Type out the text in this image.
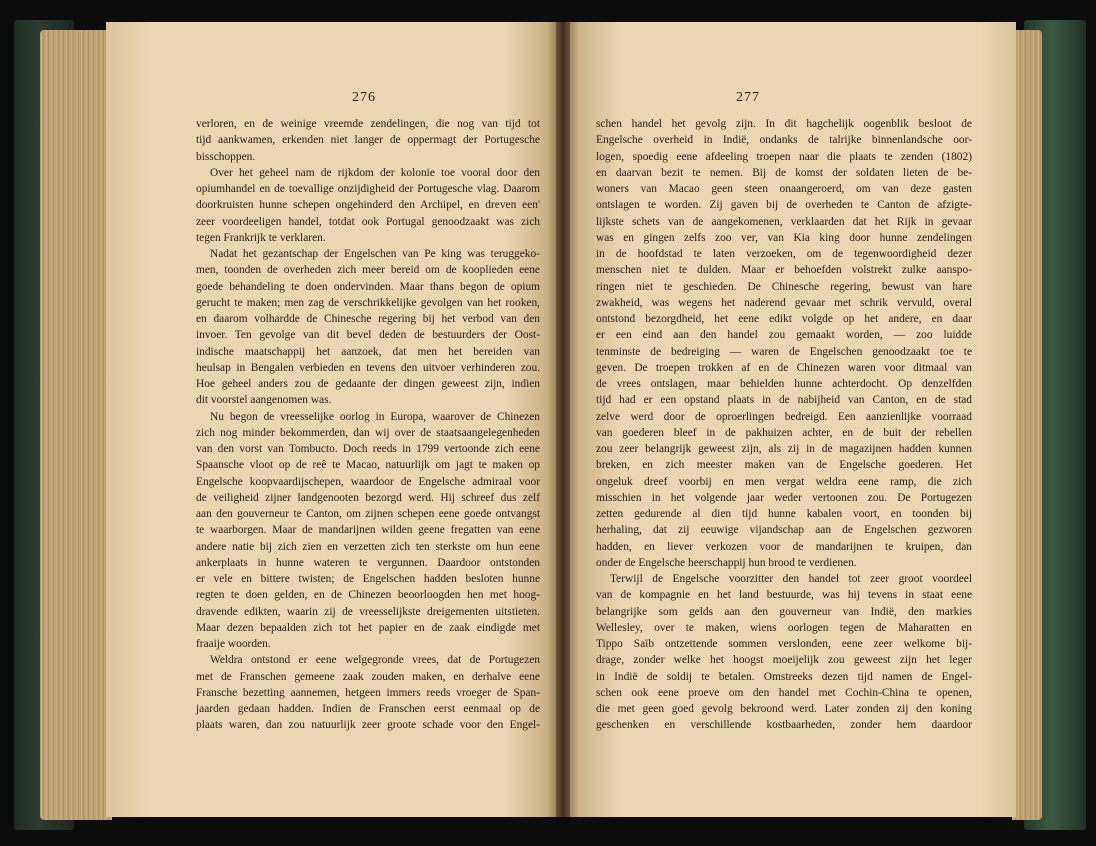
276
verloren, en de weinige vreemde zendelingen, die nog van tijd tot
tijd aankwamen, erkenden niet langer de oppermagt der Portugesche
bisschoppen.
Over het geheel nam de rijkdom der kolonie toe vooral door den
opiumhandel en de toevallige onzijdigheid der Portugesche vlag. Daarom
doorkruisten hunne schepen ongehinderd den Archipel, en dreven een'
zeer voordeeligen handel, totdat ook Portugal genoodzaakt was zich
tegen Frankrijk te verklaren.
Nadat het gezantschap der Engelschen van Pe king was teruggeko-
men, toonden de overheden zich meer bereid om de kooplieden eene
goede behandeling te doen ondervinden. Maar thans begon de opium
gerucht te maken; men zag de verschrikkelijke gevolgen van het rooken,
en daarom volhardde de Chinesche regering bij het verbod van den
invoer. Ten gevolge van dit bevel deden de bestuurders der Oost-
indische maatschappij het aanzoek, dat men het bereiden van
heulsap in Bengalen verbieden en tevens den uitvoer verhinderen zou.
Hoe geheel anders zou de gedaante der dingen geweest zijn, indien
dit voorstel aangenomen was.
Nu begon de vreesselijke oorlog in Europa, waarover de Chinezen
zich nog minder bekommerden, dan wij over de staatsaangelegenheden
van den vorst van Tombucto. Doch reeds in 1799 vertoonde zich eene
Spaansche vloot op de reê te Macao, natuurlijk om jagt te maken op
Engelsche koopvaardijschepen, waardoor de Engelsche admiraal voor
de veiligheid zijner landgenooten bezorgd werd. Hij schreef dus zelf
aan den gouverneur te Canton, om zijnen schepen eene goede ontvangst
te waarborgen. Maar de mandarijnen wilden geene fregatten van eene
andere natie bij zich zien en verzetten zich ten sterkste om hun eene
ankerplaats in hunne wateren te vergunnen. Daardoor ontstonden
er vele en bittere twisten; de Engelschen hadden besloten hunne
regten te doen gelden, en de Chinezen beoorloogden hen met hoog-
dravende edikten, waarin zij de vreesselijkste dreigementen uitstieten.
Maar dezen bepaalden zich tot het papier en de zaak eindigde met
fraaije woorden.
Weldra ontstond er eene welgegronde vrees, dat de Portugezen
met de Franschen gemeene zaak zouden maken, en derhalve eene
Fransche bezetting aannemen, hetgeen immers reeds vroeger de Span-
jaarden gedaan hadden. Indien de Franschen eerst eenmaal op de
plaats waren, dan zou natuurlijk zeer groote schade voor den Engel-
277
schen handel het gevolg zijn. In dit hagchelijk oogenblik besloot de
Engelsche overheid in Indië, ondanks de talrijke binnenlandsche oor-
logen, spoedig eene afdeeling troepen naar die plaats te zenden (1802)
en daarvan bezit te nemen. Bij de komst der soldaten lieten de be-
woners van Macao geen steen onaangeroerd, om van deze gasten
ontslagen te worden. Zij gaven bij de overheden te Canton de afzigte-
lijkste schets van de aangekomenen, verklaarden dat het Rijk in gevaar
was en gingen zelfs zoo ver, van Kia king door hunne zendelingen
in de hoofdstad te laten verzoeken, om de tegenwoordigheid dezer
menschen niet te dulden. Maar er behoefden volstrekt zulke aanspo-
ringen niet te geschieden. De Chinesche regering, bewust van hare
zwakheid, was wegens het naderend gevaar met schrik vervuld, overal
ontstond bezorgdheid, het eene edikt volgde op het andere, en daar
er een eind aan den handel zou gemaakt worden, — zoo luidde
tenminste de bedreiging — waren de Engelschen genoodzaakt toe te
geven. De troepen trokken af en de Chinezen waren voor ditmaal van
de vrees ontslagen, maar behielden hunne achterdocht. Op denzelfden
tijd had er een opstand plaats in de nabijheid van Canton, en de stad
zelve werd door de oproerlingen bedreigd. Een aanzienlijke voorraad
van goederen bleef in de pakhuizen achter, en de buit der rebellen
zou zeer belangrijk geweest zijn, als zij in de magazijnen hadden kunnen
breken, en zich meester maken van de Engelsche goederen. Het
ongeluk dreef voorbij en men vergat weldra eene ramp, die zich
misschien in het volgende jaar weder vertoonen zou. De Portugezen
zetten gedurende al dien tijd hunne kabalen voort, en toonden bij
herhaling, dat zij eeuwige vijandschap aan de Engelschen gezworen
hadden, en liever verkozen voor de mandarijnen te kruipen, dan
onder de Engelsche heerschappij hun brood te verdienen.
Terwijl de Engelsche voorzitter den handel tot zeer groot voordeel
van de kompagnie en het land bestuurde, was hij tevens in staat eene
belangrijke som gelds aan den gouverneur van Indië, den markies
Wellesley, over te maken, wiens oorlogen tegen de Maharatten en
Tippo Saïb ontzettende sommen verslonden, eene zeer welkome bij-
drage, zonder welke het hoogst moeijelijk zou geweest zijn het leger
in Indië de soldij te betalen. Omstreeks dezen tijd namen de Engel-
schen ook eene proeve om den handel met Cochin-China te openen,
die met geen goed gevolg bekroond werd. Later zonden zij den koning
geschenken en verschillende kostbaarheden, zonder hem daardoor
